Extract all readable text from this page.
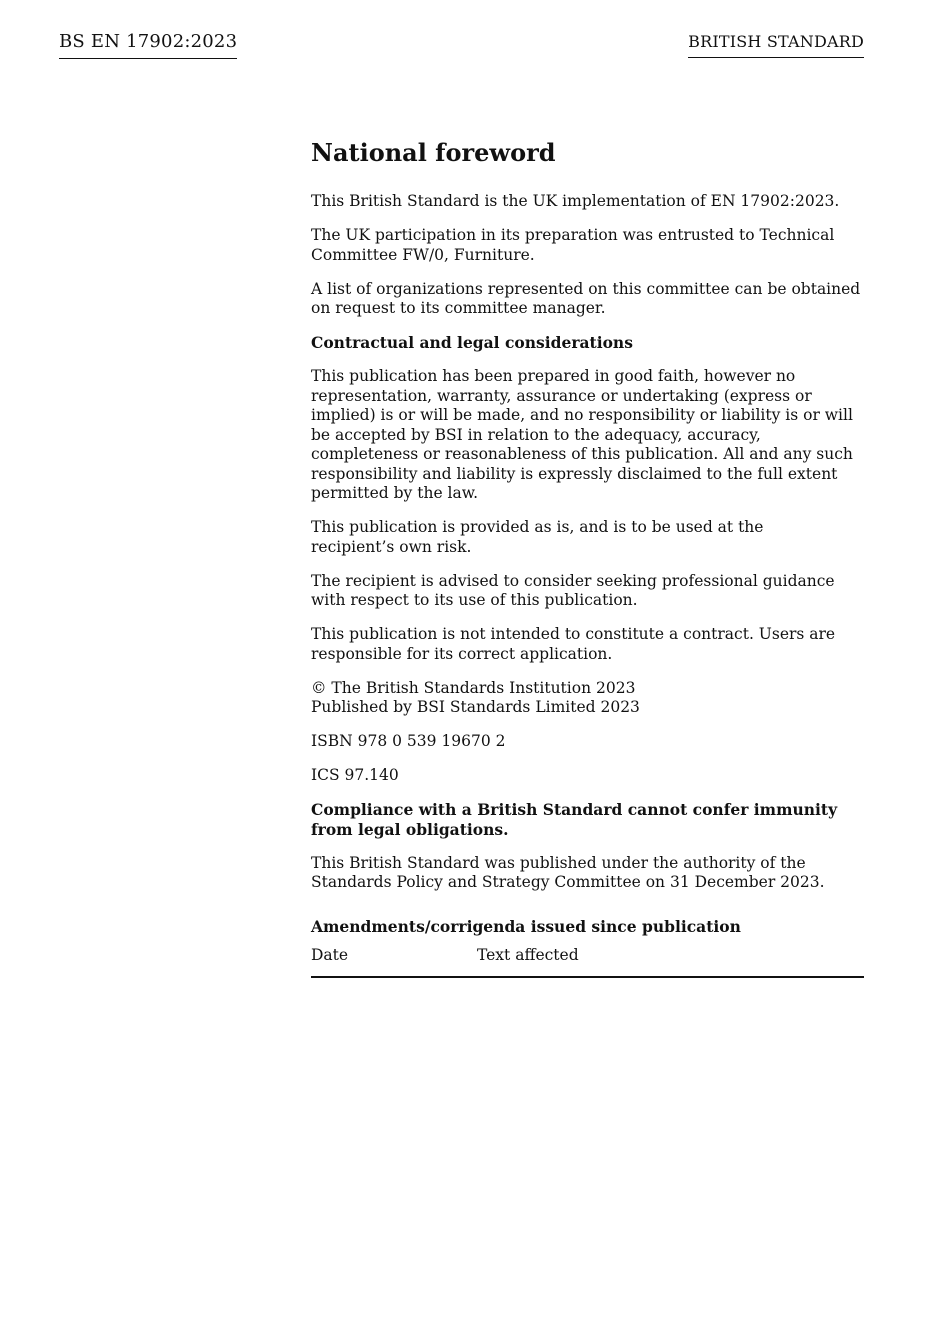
BS EN 17902:2023	BRITISH STANDARD
National foreword

This British Standard is the UK implementation of EN 17902:2023.

The UK participation in its preparation was entrusted to Technical Committee FW/0, Furniture.

A list of organizations represented on this committee can be obtained on request to its committee manager.

Contractual and legal considerations

This publication has been prepared in good faith, however no representation, warranty, assurance or undertaking (express or implied) is or will be made, and no responsibility or liability is or will be accepted by BSI in relation to the adequacy, accuracy, completeness or reasonableness of this publication. All and any such responsibility and liability is expressly disclaimed to the full extent permitted by the law.

This publication is provided as is, and is to be used at the
recipient’s own risk.

The recipient is advised to consider seeking professional guidance with respect to its use of this publication.

This publication is not intended to constitute a contract. Users are responsible for its correct application.

© The British Standards Institution 2023
Published by BSI Standards Limited 2023

ISBN 978 0 539 19670 2

ICS 97.140

Compliance with a British Standard cannot confer immunity from legal obligations.

This British Standard was published under the authority of the
Standards Policy and Strategy Committee on 31 December 2023.

Amendments/corrigenda issued since publication
Date	Text affected
